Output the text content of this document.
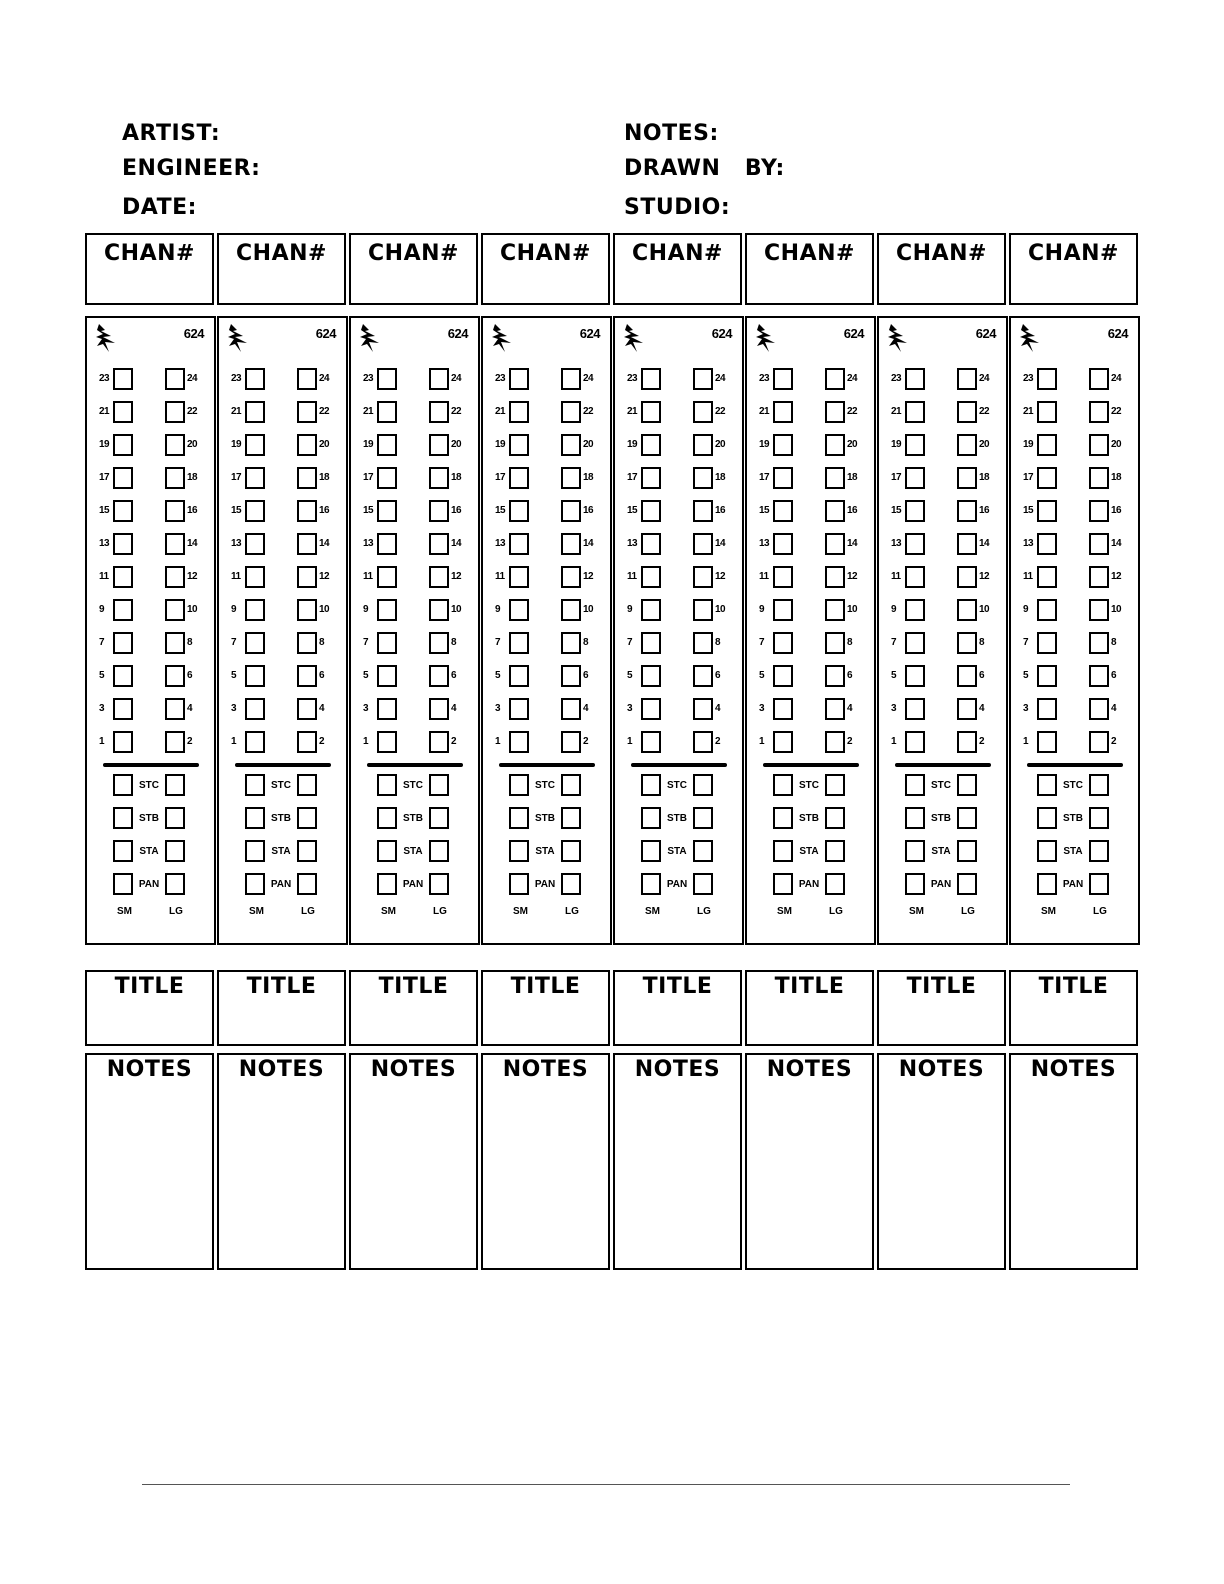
ARTIST:
ENGINEER:
DATE:
NOTES:
DRAWN   BY:
STUDIO:
CHAN#
624
23	24
21	22
19	20
17	18
15	16
13	14
11	12
9	10
7	8
5	6
3	4
1	2
STC
STB
STA
PAN
SM	LG
TITLE
NOTES
CHAN#
624
23	24
21	22
19	20
17	18
15	16
13	14
11	12
9	10
7	8
5	6
3	4
1	2
STC
STB
STA
PAN
SM	LG
TITLE
NOTES
CHAN#
624
23	24
21	22
19	20
17	18
15	16
13	14
11	12
9	10
7	8
5	6
3	4
1	2
STC
STB
STA
PAN
SM	LG
TITLE
NOTES
CHAN#
624
23	24
21	22
19	20
17	18
15	16
13	14
11	12
9	10
7	8
5	6
3	4
1	2
STC
STB
STA
PAN
SM	LG
TITLE
NOTES
CHAN#
624
23	24
21	22
19	20
17	18
15	16
13	14
11	12
9	10
7	8
5	6
3	4
1	2
STC
STB
STA
PAN
SM	LG
TITLE
NOTES
CHAN#
624
23	24
21	22
19	20
17	18
15	16
13	14
11	12
9	10
7	8
5	6
3	4
1	2
STC
STB
STA
PAN
SM	LG
TITLE
NOTES
CHAN#
624
23	24
21	22
19	20
17	18
15	16
13	14
11	12
9	10
7	8
5	6
3	4
1	2
STC
STB
STA
PAN
SM	LG
TITLE
NOTES
CHAN#
624
23	24
21	22
19	20
17	18
15	16
13	14
11	12
9	10
7	8
5	6
3	4
1	2
STC
STB
STA
PAN
SM	LG
TITLE
NOTES
